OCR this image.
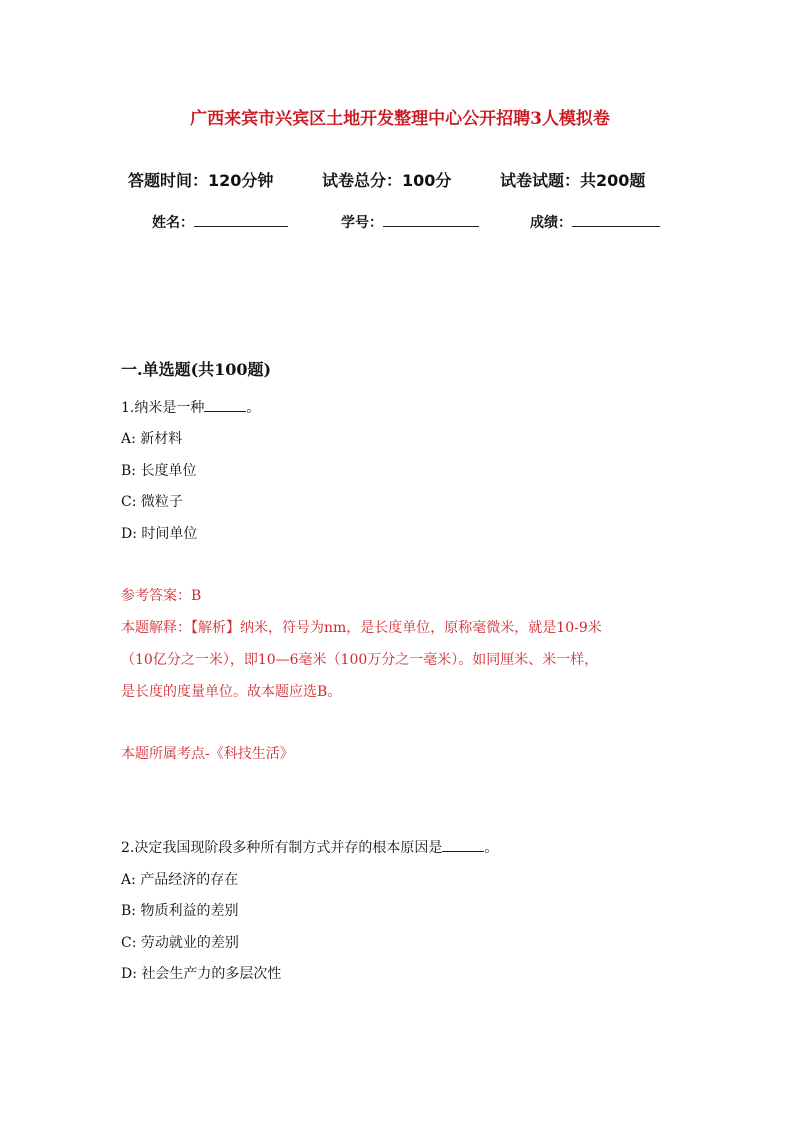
广西来宾市兴宾区土地开发整理中心公开招聘3人模拟卷
答题时间：120分钟	试卷总分：100分	试卷试题：共200题
姓名：	学号：	成绩：
一.单选题(共100题)
1.纳米是一种	。
A: 新材料
B: 长度单位
C: 微粒子
D: 时间单位
参考答案：B
本题解释：【解析】纳米，符号为nm，是长度单位，原称毫微米，就是10-9米
（10亿分之一米），即10—6毫米（100万分之一毫米）。如同厘米、米一样，
是长度的度量单位。故本题应选B。
本题所属考点-《科技生活》
2.决定我国现阶段多种所有制方式并存的根本原因是	。
A: 产品经济的存在
B: 物质利益的差别
C: 劳动就业的差别
D: 社会生产力的多层次性
